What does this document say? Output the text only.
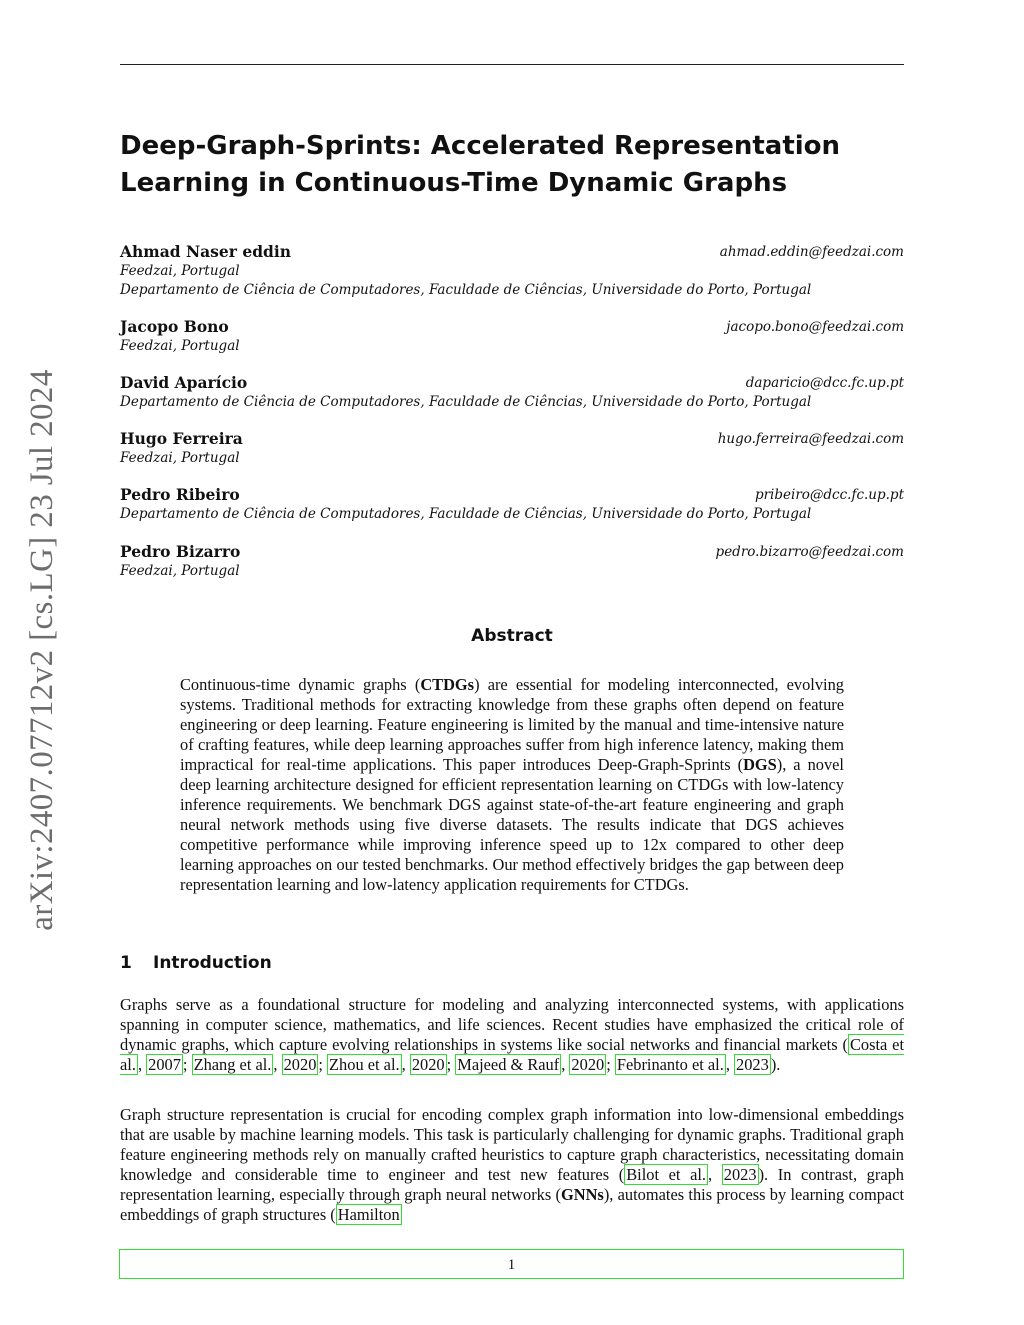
arXiv:2407.07712v2 [cs.LG] 23 Jul 2024
Deep-Graph-Sprints: Accelerated Representation Learning in Continuous-Time Dynamic Graphs
Ahmad Naser eddin	ahmad.eddin@feedzai.com
Feedzai, Portugal
Departamento de Ciência de Computadores, Faculdade de Ciências, Universidade do Porto, Portugal
Jacopo Bono	jacopo.bono@feedzai.com
Feedzai, Portugal
David Aparício	daparicio@dcc.fc.up.pt
Departamento de Ciência de Computadores, Faculdade de Ciências, Universidade do Porto, Portugal
Hugo Ferreira	hugo.ferreira@feedzai.com
Feedzai, Portugal
Pedro Ribeiro	pribeiro@dcc.fc.up.pt
Departamento de Ciência de Computadores, Faculdade de Ciências, Universidade do Porto, Portugal
Pedro Bizarro	pedro.bizarro@feedzai.com
Feedzai, Portugal
Abstract

Continuous-time dynamic graphs (CTDGs) are essential for modeling interconnected, evolving systems. Traditional methods for extracting knowledge from these graphs often depend on feature engineering or deep learning. Feature engineering is limited by the manual and time-intensive nature of crafting features, while deep learning approaches suffer from high inference latency, making them impractical for real-time applications. This paper introduces Deep-Graph-Sprints (DGS), a novel deep learning architecture designed for efficient representation learning on CTDGs with low-latency inference requirements. We benchmark DGS against state-of-the-art feature engineering and graph neural network methods using five diverse datasets. The results indicate that DGS achieves competitive performance while improving inference speed up to 12x compared to other deep learning approaches on our tested benchmarks. Our method effectively bridges the gap between deep representation learning and low-latency application requirements for CTDGs.

1 Introduction

Graphs serve as a foundational structure for modeling and analyzing interconnected systems, with applications spanning in computer science, mathematics, and life sciences. Recent studies have emphasized the critical role of dynamic graphs, which capture evolving relationships in systems like social networks and financial markets ( Costa et al. , 2007 ; Zhang et al. , 2020 ; Zhou et al. , 2020 ; Majeed & Rauf , 2020 ; Febrinanto et al. , 2023 ).

Graph structure representation is crucial for encoding complex graph information into low-dimensional embeddings that are usable by machine learning models. This task is particularly challenging for dynamic graphs. Traditional graph feature engineering methods rely on manually crafted heuristics to capture graph characteristics, necessitating domain knowledge and considerable time to engineer and test new features ( Bilot et al. , 2023 ). In contrast, graph representation learning, especially through graph neural networks (GNNs), automates this process by learning compact embeddings of graph structures ( Hamilton

1
